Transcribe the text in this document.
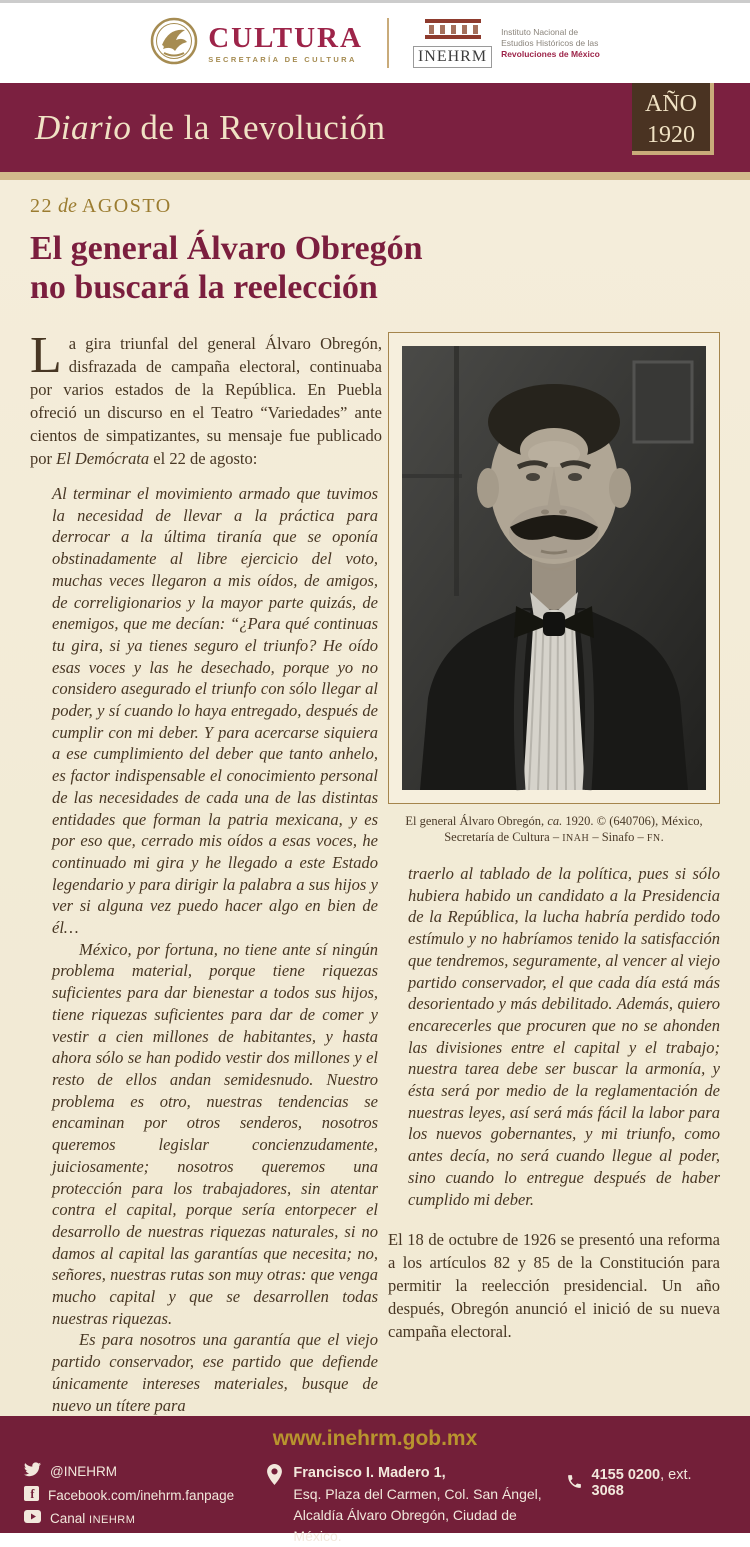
CULTURA
SECRETARÍA DE CULTURA	INEHRM
Instituto Nacional de
Estudios Históricos de las
Revoluciones de México
Diario de la Revolución
AÑO
1920
22 de AGOSTO
El general Álvaro Obregón
no buscará la reelección

La gira triunfal del general Álvaro Obregón, disfrazada de campaña electoral, continuaba por varios estados de la República. En Puebla ofreció un discurso en el Teatro “Variedades” ante cientos de simpatizantes, su mensaje fue publicado por El Demócrata el 22 de agosto:

Al terminar el movimiento armado que tuvimos la necesidad de llevar a la práctica para derrocar a la última tiranía que se oponía obstinadamente al libre ejercicio del voto, muchas veces llegaron a mis oídos, de amigos, de correligionarios y la mayor parte quizás, de enemigos, que me decían: “¿Para qué continuas tu gira, si ya tienes seguro el triunfo? He oído esas voces y las he desechado, porque yo no considero asegurado el triunfo con sólo llegar al poder, y sí cuando lo haya entregado, después de cumplir con mi deber. Y para acercarse siquiera a ese cumplimiento del deber que tanto anhelo, es factor indispensable el conocimiento personal de las necesidades de cada una de las distintas entidades que forman la patria mexicana, y es por eso que, cerrado mis oídos a esas voces, he continuado mi gira y he llegado a este Estado legendario y para dirigir la palabra a sus hijos y ver si alguna vez puedo hacer algo en bien de él…

México, por fortuna, no tiene ante sí ningún problema material, porque tiene riquezas suficientes para dar bienestar a todos sus hijos, tiene riquezas suficientes para dar de comer y vestir a cien millones de habitantes, y hasta ahora sólo se han podido vestir dos millones y el resto de ellos andan semidesnudo. Nuestro problema es otro, nuestras tendencias se encaminan por otros senderos, nosotros queremos legislar concienzudamente, juiciosamente; nosotros queremos una protección para los trabajadores, sin atentar contra el capital, porque sería entorpecer el desarrollo de nuestras riquezas naturales, si no damos al capital las garantías que necesita; no, señores, nuestras rutas son muy otras: que venga mucho capital y que se desarrollen todas nuestras riquezas.

Es para nosotros una garantía que el viejo partido conservador, ese partido que defiende únicamente intereses materiales, busque de nuevo un títere para

El general Álvaro Obregón, ca. 1920. © (640706), México,
Secretaría de Cultura – INAH – Sinafo – FN.

traerlo al tablado de la política, pues si sólo hubiera habido un candidato a la Presidencia de la República, la lucha habría perdido todo estímulo y no habríamos tenido la satisfacción que tendremos, seguramente, al vencer al viejo partido conservador, el que cada día está más desorientado y más debilitado. Además, quiero encarecerles que procuren que no se ahonden las divisiones entre el capital y el trabajo; nuestra tarea debe ser buscar la armonía, y ésta será por medio de la reglamentación de nuestras leyes, así será más fácil la labor para los nuevos gobernantes, y mi triunfo, como antes decía, no será cuando llegue al poder, sino cuando lo entregue después de haber cumplido mi deber.

El 18 de octubre de 1926 se presentó una reforma a los artículos 82 y 85 de la Constitución para permitir la reelección presidencial. Un año después, Obregón anunció el inició de su nueva campaña electoral.

www.inehrm.gob.mx
@INEHRM
f Facebook.com/inehrm.fanpage
Canal INEHRM
Francisco I. Madero 1,
Esq. Plaza del Carmen, Col. San Ángel,
Alcaldía Álvaro Obregón, Ciudad de México.
4155 0200, ext. 3068
